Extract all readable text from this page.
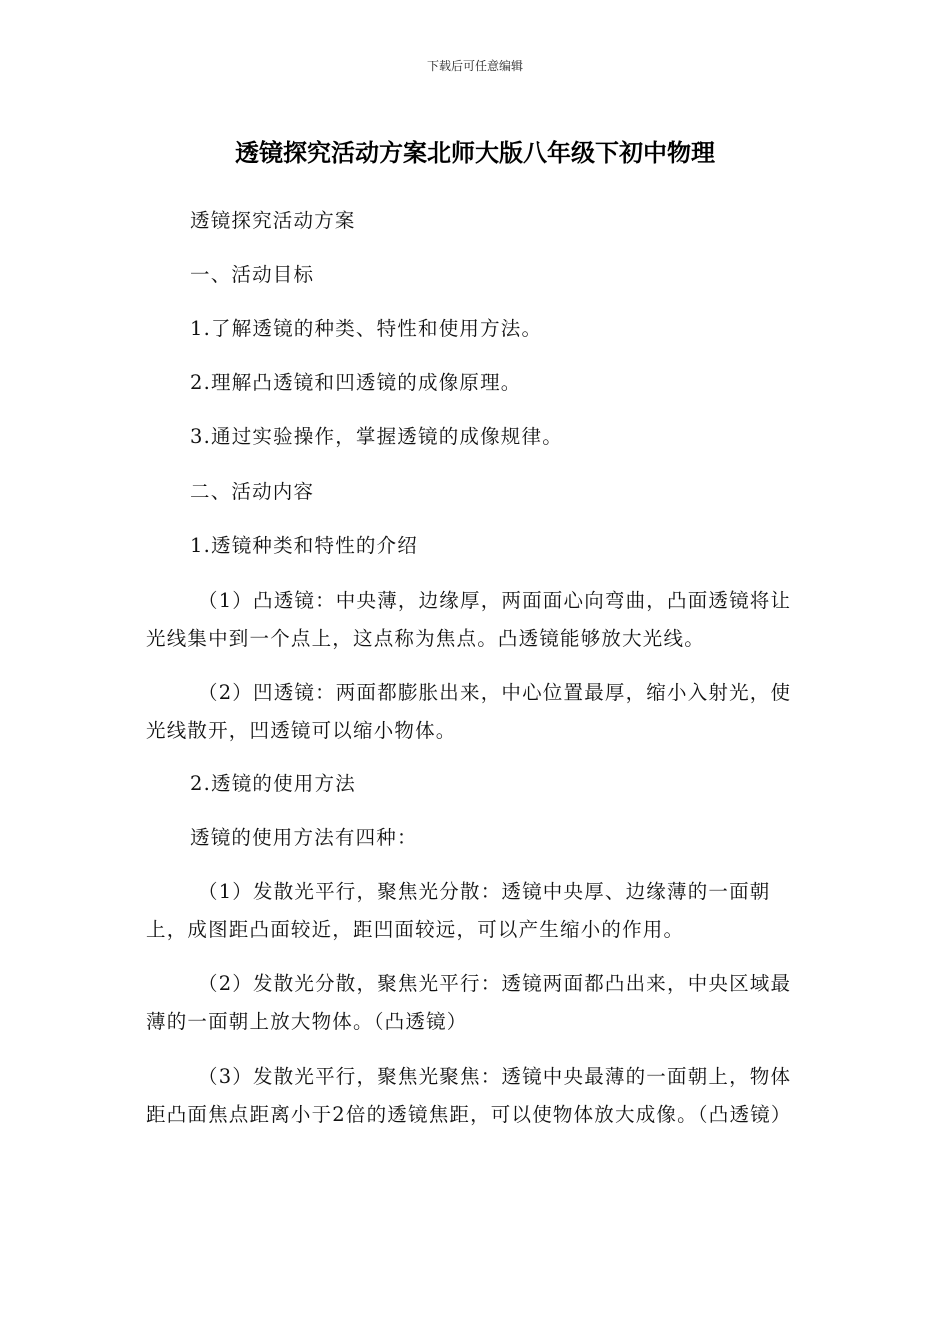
下载后可任意编辑
透镜探究活动方案北师大版八年级下初中物理

透镜探究活动方案

一、活动目标

1.了解透镜的种类、特性和使用方法。

2.理解凸透镜和凹透镜的成像原理。

3.通过实验操作，掌握透镜的成像规律。

二、活动内容

1.透镜种类和特性的介绍

（1）凸透镜：中央薄，边缘厚，两面面心向弯曲，凸面透镜将让光线集中到一个点上，这点称为焦点。凸透镜能够放大光线。

（2）凹透镜：两面都膨胀出来，中心位置最厚，缩小入射光，使光线散开，凹透镜可以缩小物体。

2.透镜的使用方法

透镜的使用方法有四种：

（1）发散光平行，聚焦光分散：透镜中央厚、边缘薄的一面朝上，成图距凸面较近，距凹面较远，可以产生缩小的作用。

（2）发散光分散，聚焦光平行：透镜两面都凸出来，中央区域最薄的一面朝上放大物体。（凸透镜）

（3）发散光平行，聚焦光聚焦：透镜中央最薄的一面朝上，物体距凸面焦点距离小于2倍的透镜焦距，可以使物体放大成像。（凸透镜）
